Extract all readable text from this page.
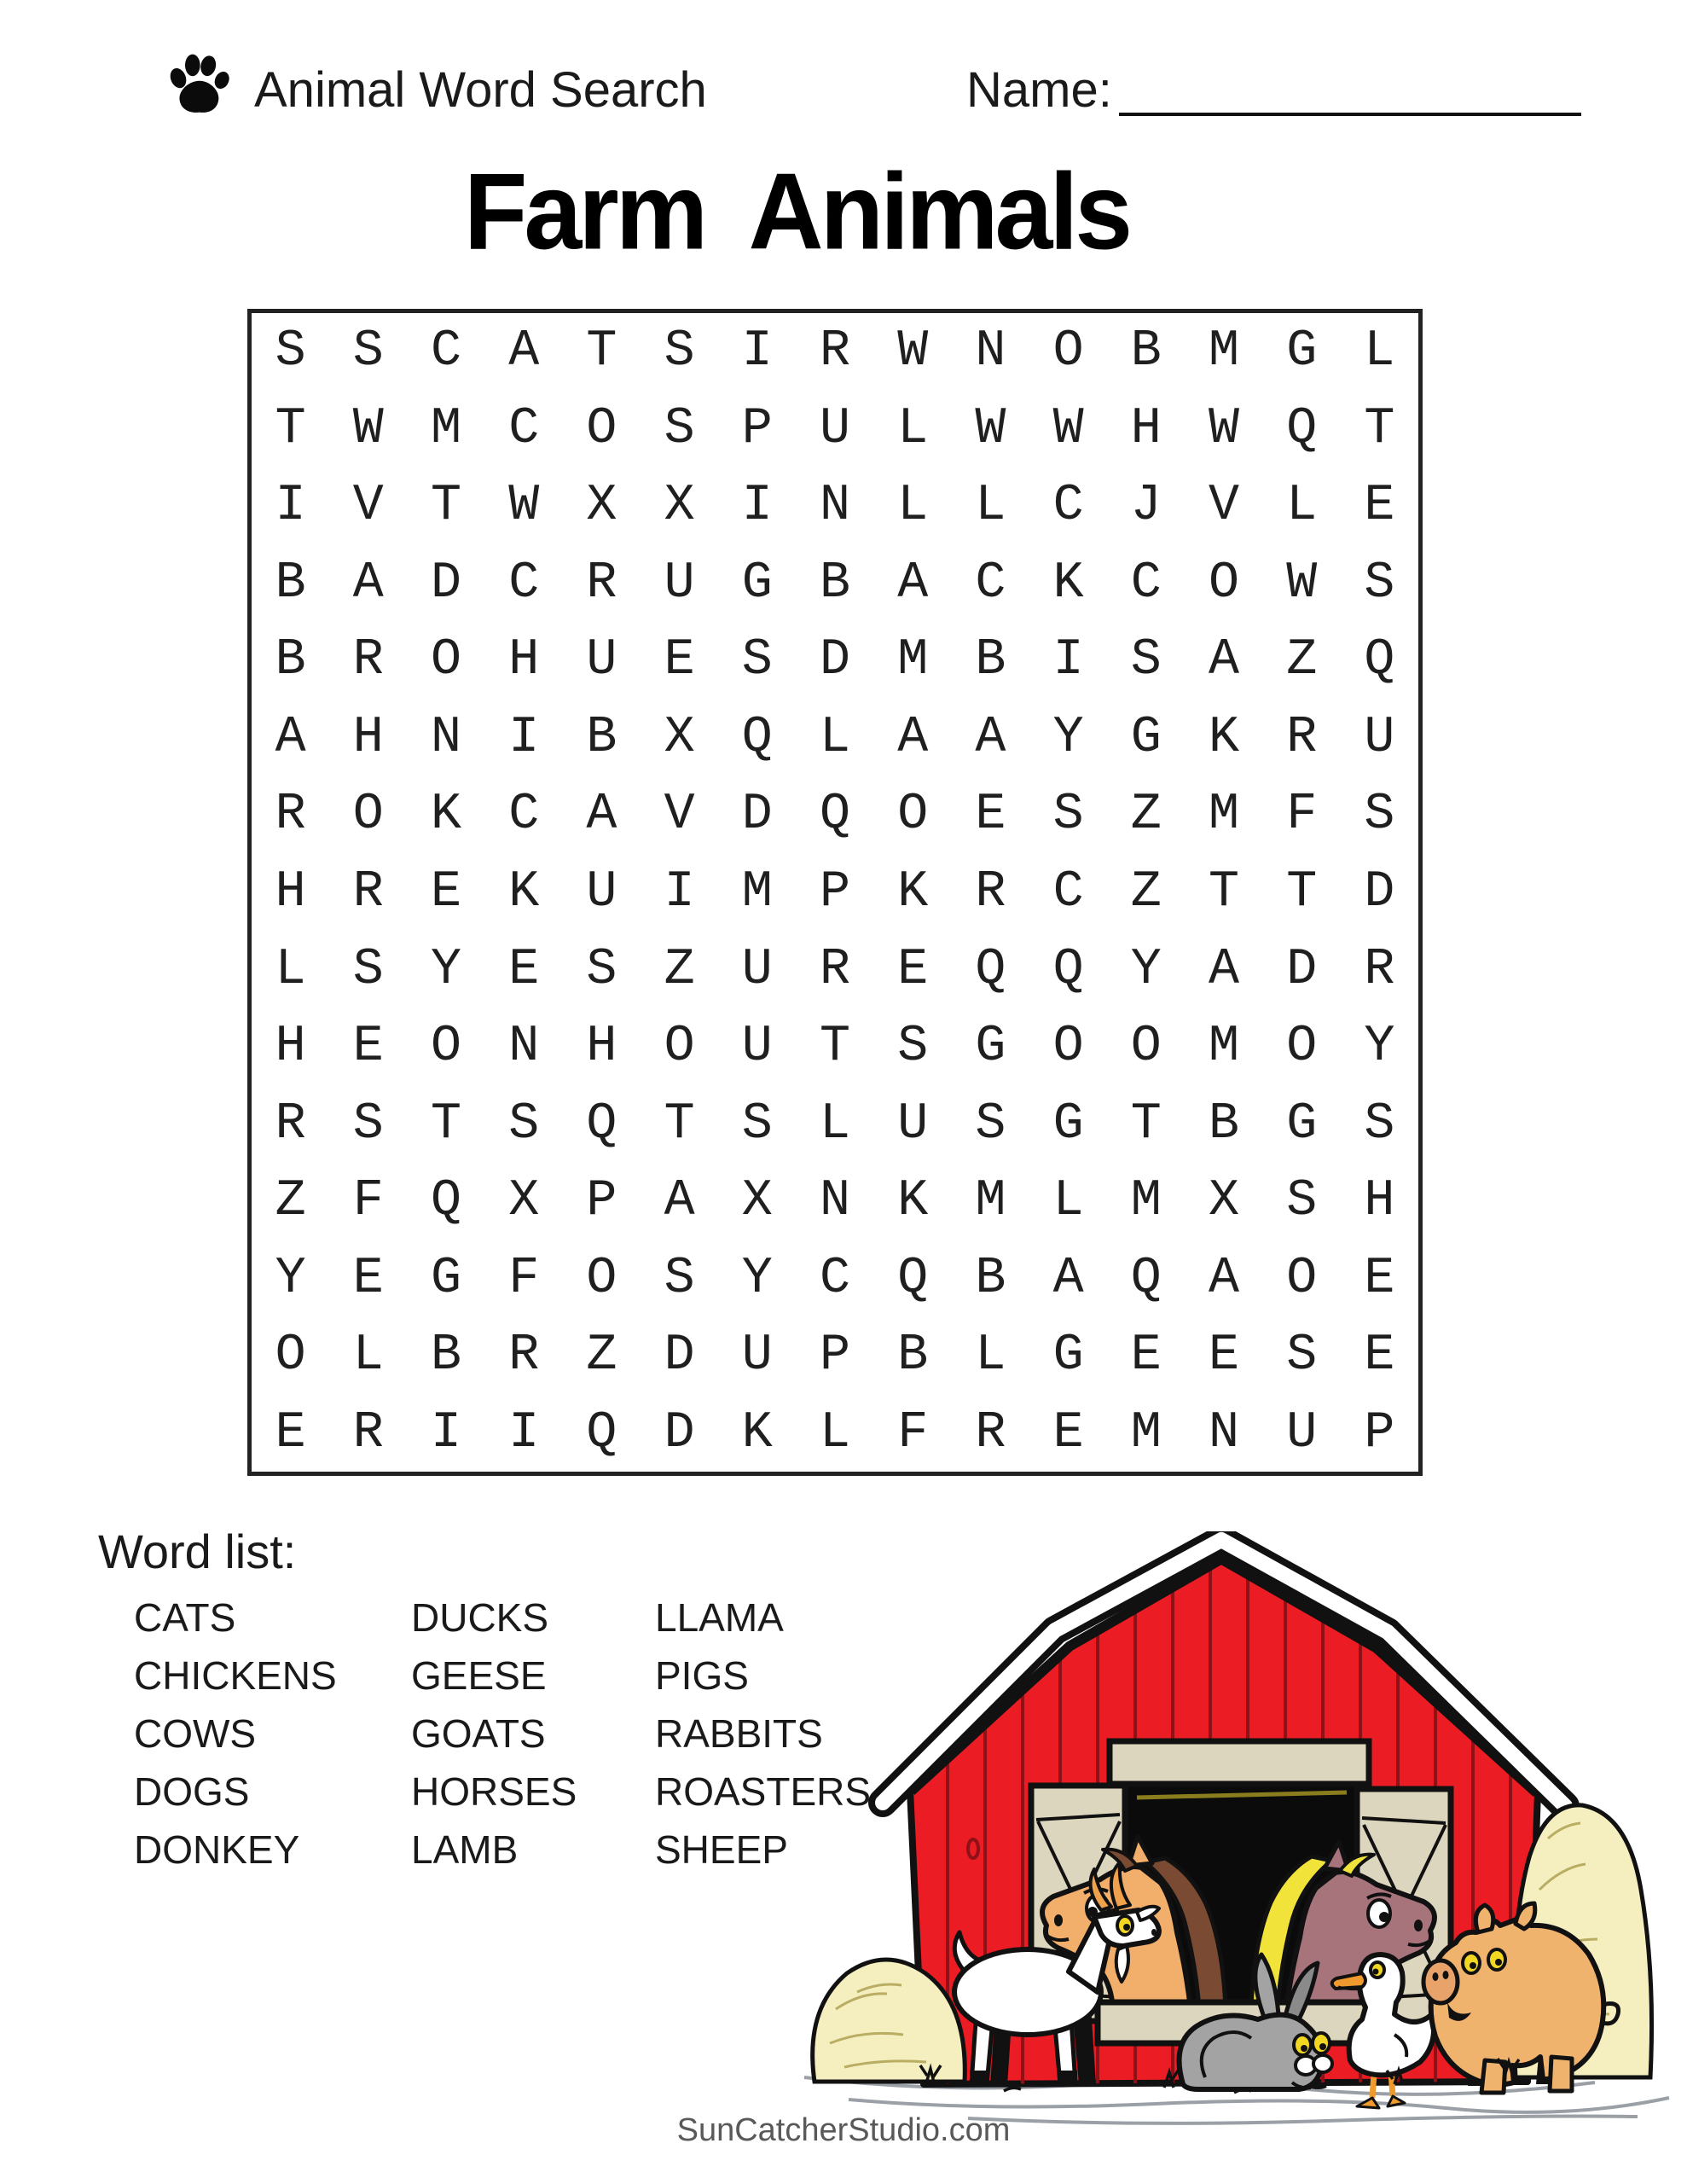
Animal Word Search	Name:
Farm Animals
S S C A T S I R W N O B M G L
T W M C O S P U L W W H W Q T
I V T W X X I N L L C J V L E
B A D C R U G B A C K C O W S
B R O H U E S D M B I S A Z Q
A H N I B X Q L A A Y G K R U
R O K C A V D Q O E S Z M F S
H R E K U I M P K R C Z T T D
L S Y E S Z U R E Q Q Y A D R
H E O N H O U T S G O O M O Y
R S T S Q T S L U S G T B G S
Z F Q X P A X N K M L M X S H
Y E G F O S Y C Q B A Q A O E
O L B R Z D U P B L G E E S E
E R I I Q D K L F R E M N U P
Word list:
CATS
CHICKENS
COWS
DOGS
DONKEY
DUCKS
GEESE
GOATS
HORSES
LAMB
LLAMA
PIGS
RABBITS
ROASTERS
SHEEP
SunCatcherStudio.com
